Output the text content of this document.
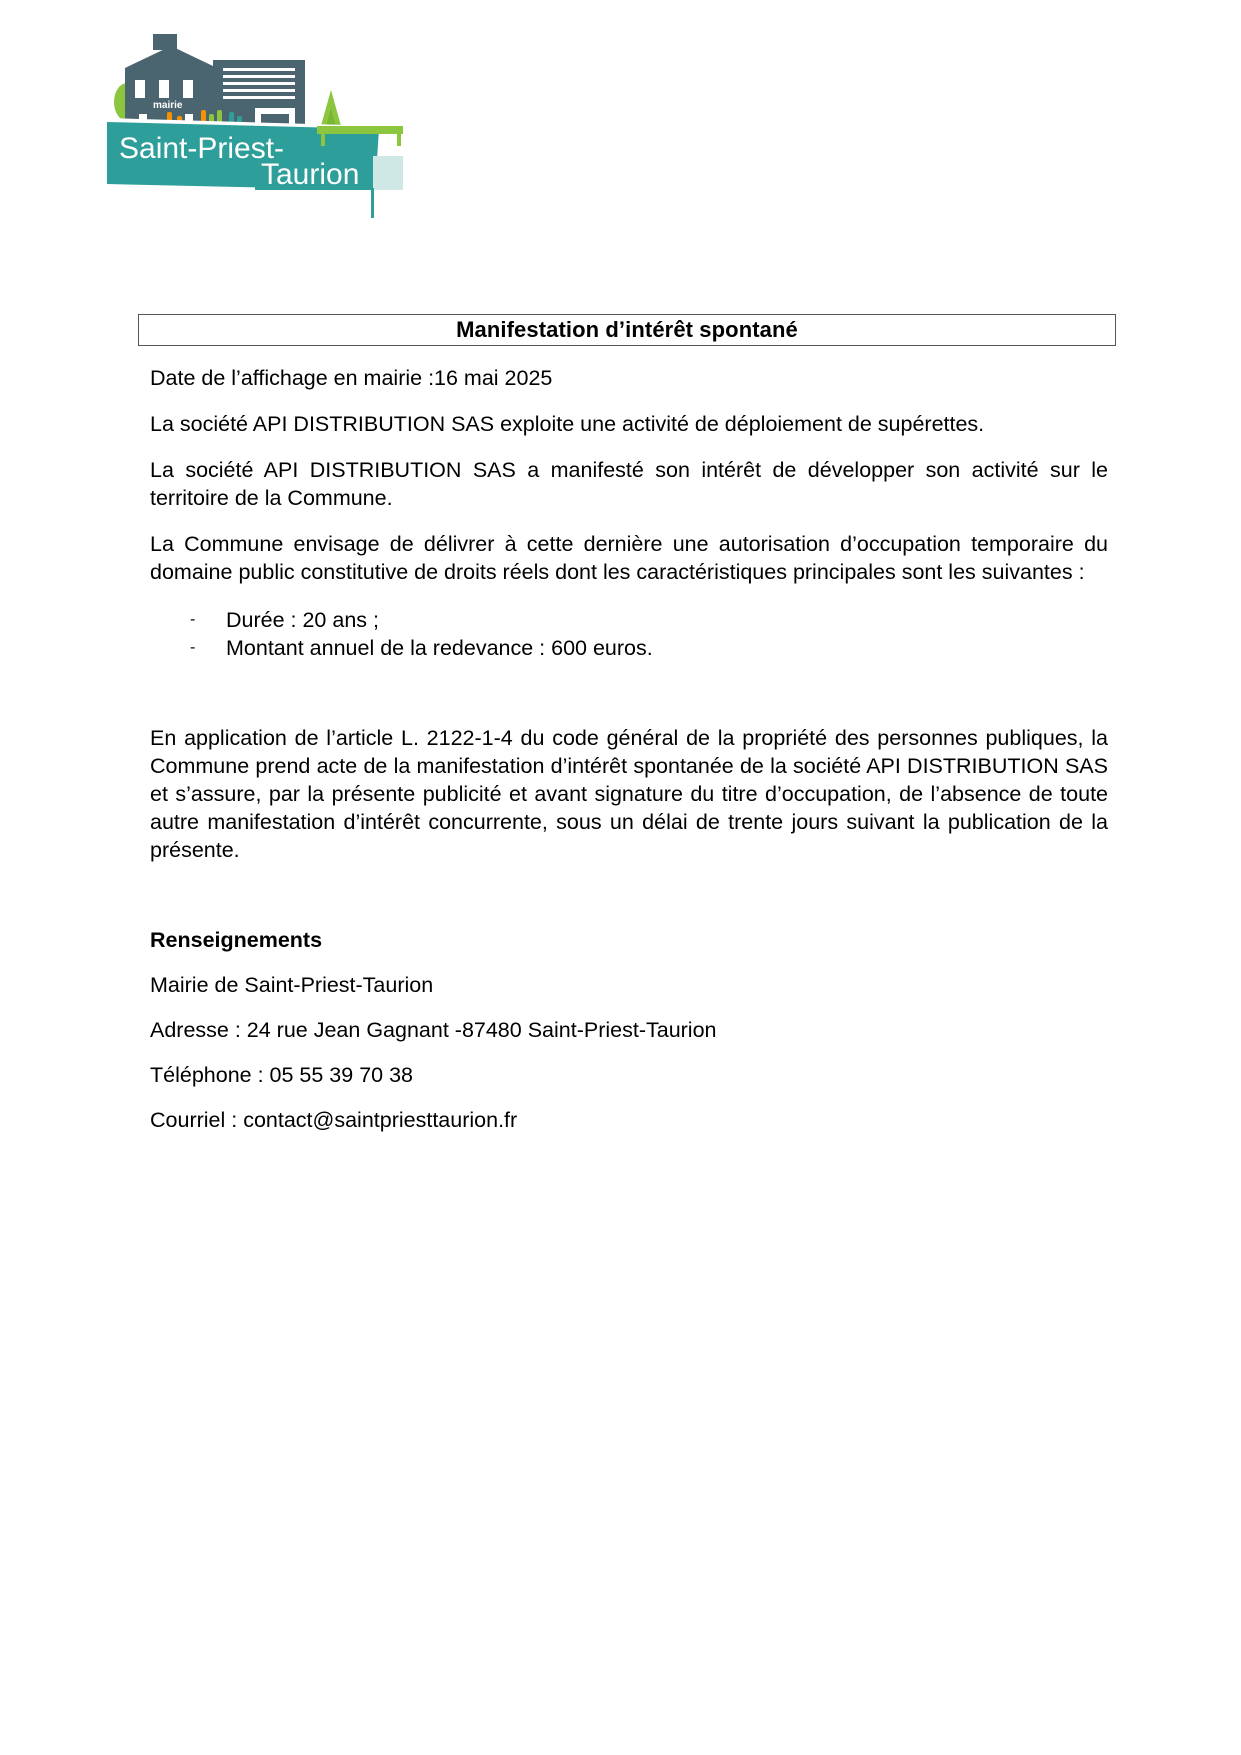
mairie
Saint-Priest-
Taurion
Manifestation d’intérêt spontané

Date de l’affichage en mairie :16 mai 2025

La société API DISTRIBUTION SAS exploite une activité de déploiement de supérettes.

La société API DISTRIBUTION SAS a manifesté son intérêt de développer son activité sur le territoire de la Commune.

La Commune envisage de délivrer à cette dernière une autorisation d’occupation temporaire du domaine public constitutive de droits réels dont les caractéristiques principales sont les suivantes :

- Durée : 20 ans ;
- Montant annuel de la redevance : 600 euros.

En application de l’article L. 2122-1-4 du code général de la propriété des personnes publiques, la Commune prend acte de la manifestation d’intérêt spontanée de la société API DISTRIBUTION SAS et s’assure, par la présente publicité et avant signature du titre d’occupation, de l’absence de toute autre manifestation d’intérêt concurrente, sous un délai de trente jours suivant la publication de la présente.

Renseignements

Mairie de Saint-Priest-Taurion

Adresse : 24 rue Jean Gagnant -87480 Saint-Priest-Taurion

Téléphone : 05 55 39 70 38

Courriel : contact@saintpriesttaurion.fr
